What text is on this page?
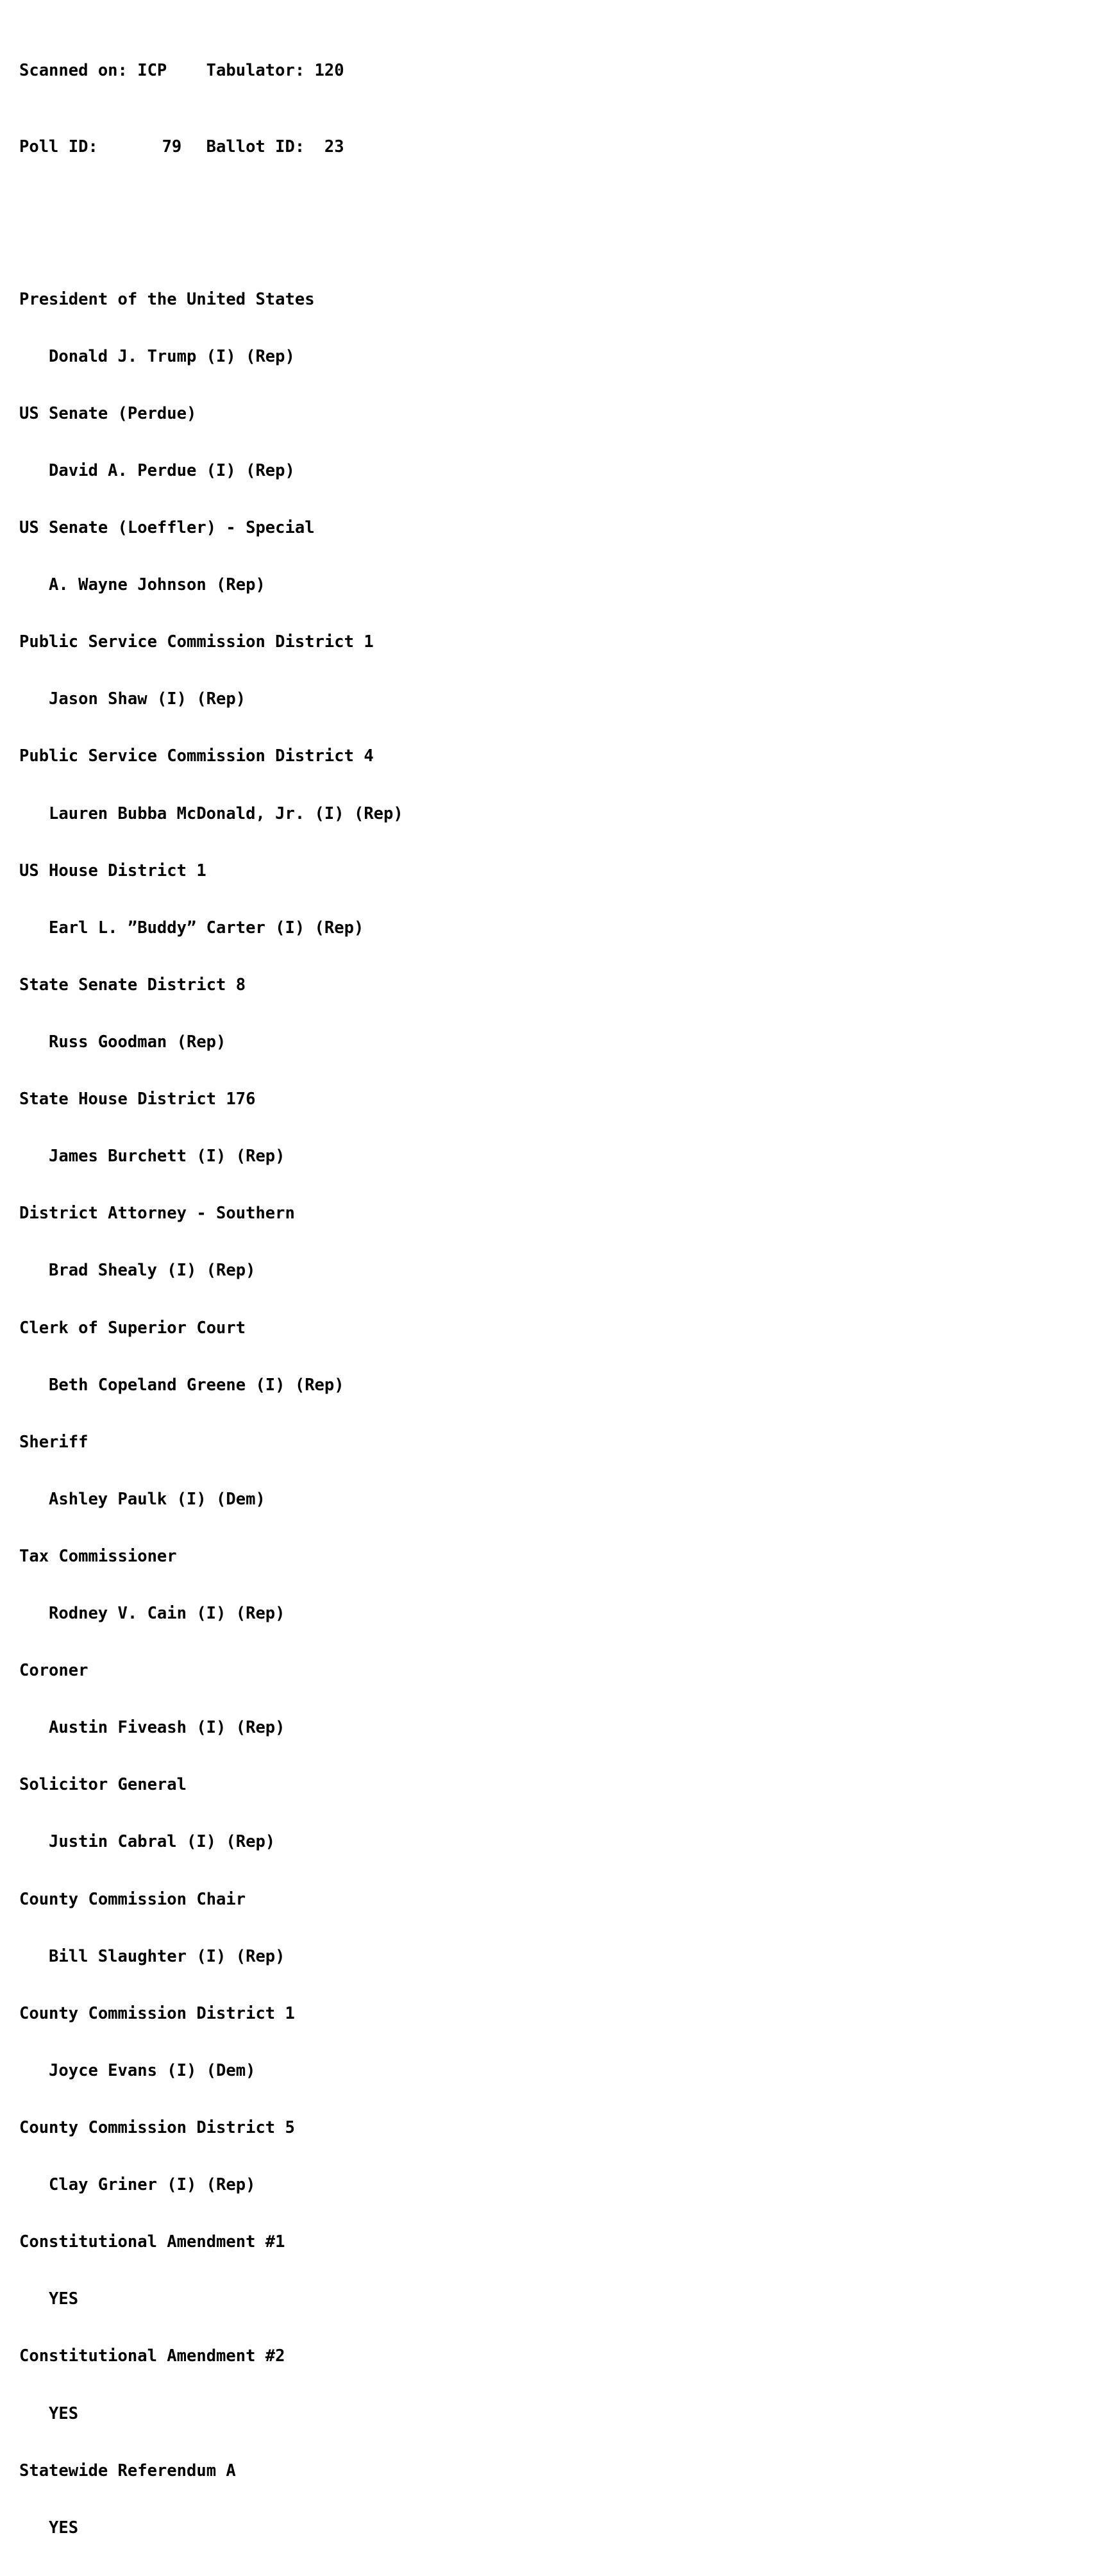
Scanned on: ICP Tabulator: 120

Poll ID:	79 Ballot ID: 23

President of the United States

Donald J. Trump (I) (Rep)

US Senate (Perdue)

David A. Perdue (I) (Rep)

US Senate (Loeffler) - Special

A. Wayne Johnson (Rep)

Public Service Commission District 1

Jason Shaw (I) (Rep)

Public Service Commission District 4

Lauren Bubba McDonald, Jr. (I) (Rep)

US House District 1

Earl L. ”Buddy” Carter (I) (Rep)

State Senate District 8

Russ Goodman (Rep)

State House District 176

James Burchett (I) (Rep)

District Attorney - Southern

Brad Shealy (I) (Rep)

Clerk of Superior Court

Beth Copeland Greene (I) (Rep)

Sheriff

Ashley Paulk (I) (Dem)

Tax Commissioner

Rodney V. Cain (I) (Rep)

Coroner

Austin Fiveash (I) (Rep)

Solicitor General

Justin Cabral (I) (Rep)

County Commission Chair

Bill Slaughter (I) (Rep)

County Commission District 1

Joyce Evans (I) (Dem)

County Commission District 5

Clay Griner (I) (Rep)

Constitutional Amendment #1

YES

Constitutional Amendment #2

YES

Statewide Referendum A

YES
